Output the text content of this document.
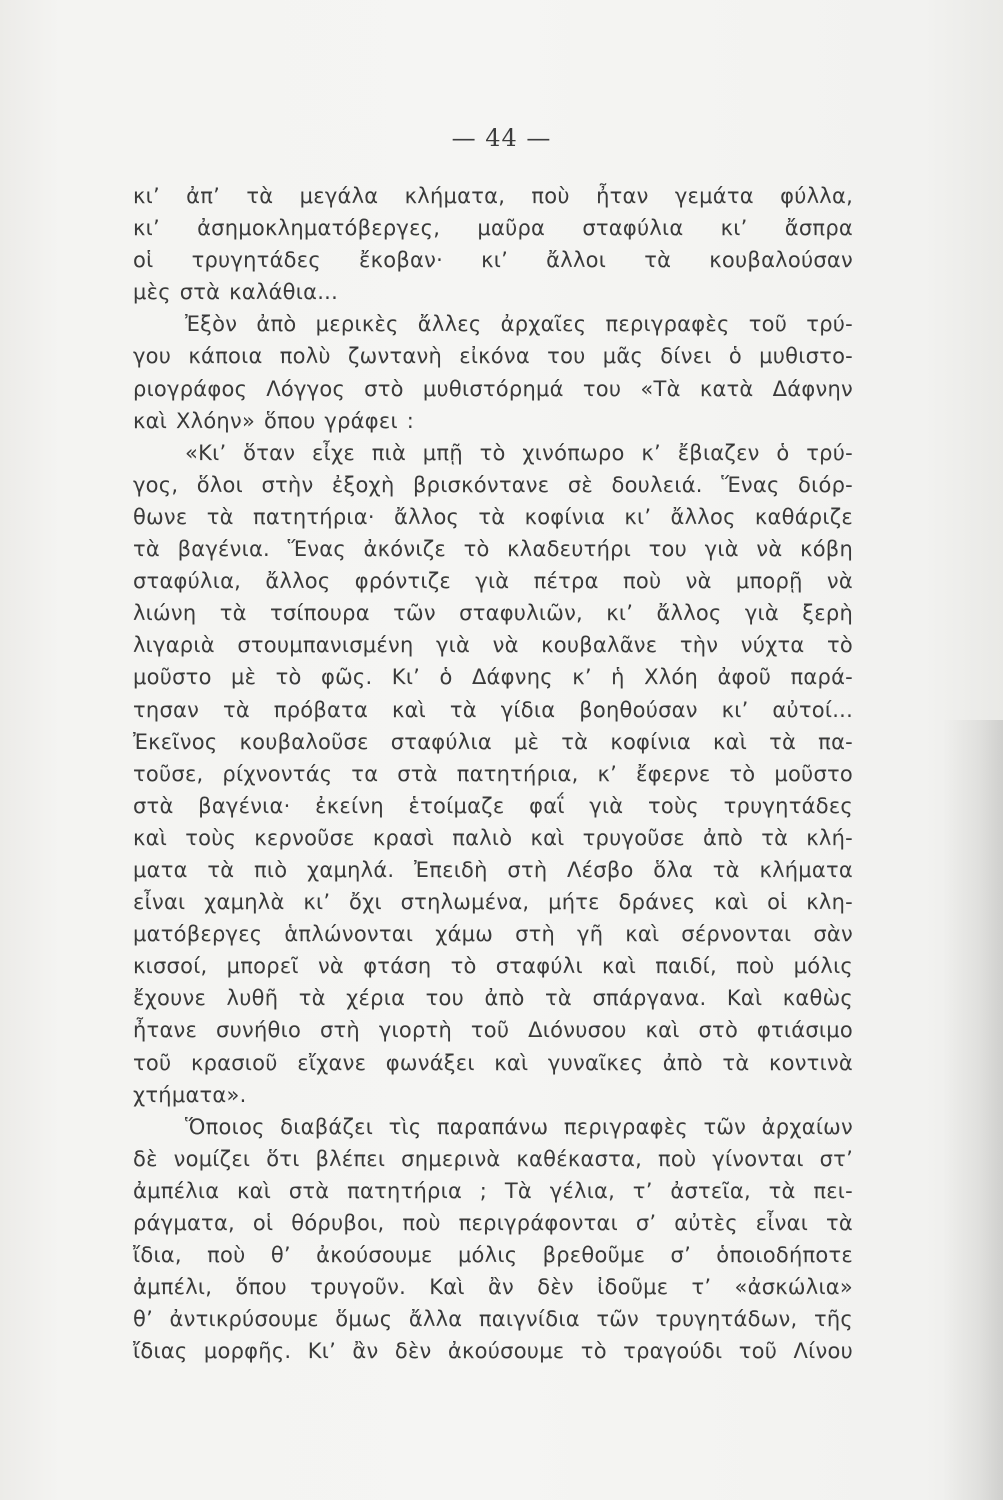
— 44 —
κι’ ἀπ’ τὰ μεγάλα κλήματα, ποὺ ἦταν γεμάτα φύλλα,
κι’ ἀσημοκληματόβεργες, μαῦρα σταφύλια κι’ ἄσπρα
οἱ τρυγητάδες ἔκοβαν· κι’ ἄλλοι τὰ κουβαλούσαν
μὲς στὰ καλάθια...
Ἐξὸν ἀπὸ μερικὲς ἄλλες ἀρχαῖες περιγραφὲς τοῦ τρύ-
γου κάποια πολὺ ζωντανὴ εἰκόνα του μᾶς δίνει ὁ μυθιστο-
ριογράφος Λόγγος στὸ μυθιστόρημά του «Τὰ κατὰ Δάφνην
καὶ Χλόην» ὅπου γράφει :
«Κι’ ὅταν εἶχε πιὰ μπῇ τὸ χινόπωρο κ’ ἔβιαζεν ὁ τρύ-
γος, ὅλοι στὴν ἐξοχὴ βρισκόντανε σὲ δουλειά. Ἕνας διόρ-
θωνε τὰ πατητήρια· ἄλλος τὰ κοφίνια κι’ ἄλλος καθάριζε
τὰ βαγένια. Ἕνας ἀκόνιζε τὸ κλαδευτήρι του γιὰ νὰ κόβη
σταφύλια, ἄλλος φρόντιζε γιὰ πέτρα ποὺ νὰ μπορῇ νὰ
λιώνη τὰ τσίπουρα τῶν σταφυλιῶν, κι’ ἄλλος γιὰ ξερὴ
λιγαριὰ στουμπανισμένη γιὰ νὰ κουβαλᾶνε τὴν νύχτα τὸ
μοῦστο μὲ τὸ φῶς. Κι’ ὁ Δάφνης κ’ ἡ Χλόη ἀφοῦ παρά-
τησαν τὰ πρόβατα καὶ τὰ γίδια βοηθούσαν κι’ αὐτοί...
Ἐκεῖνος κουβαλοῦσε σταφύλια μὲ τὰ κοφίνια καὶ τὰ πα-
τοῦσε, ρίχνοντάς τα στὰ πατητήρια, κ’ ἔφερνε τὸ μοῦστο
στὰ βαγένια· ἐκείνη ἑτοίμαζε φαΐ γιὰ τοὺς τρυγητάδες
καὶ τοὺς κερνοῦσε κρασὶ παλιὸ καὶ τρυγοῦσε ἀπὸ τὰ κλή-
ματα τὰ πιὸ χαμηλά. Ἐπειδὴ στὴ Λέσβο ὅλα τὰ κλήματα
εἶναι χαμηλὰ κι’ ὄχι στηλωμένα, μήτε δράνες καὶ οἱ κλη-
ματόβεργες ἁπλώνονται χάμω στὴ γῆ καὶ σέρνονται σὰν
κισσοί, μπορεῖ νὰ φτάση τὸ σταφύλι καὶ παιδί, ποὺ μόλις
ἔχουνε λυθῆ τὰ χέρια του ἀπὸ τὰ σπάργανα. Καὶ καθὼς
ἦτανε συνήθιο στὴ γιορτὴ τοῦ Διόνυσου καὶ στὸ φτιάσιμο
τοῦ κρασιοῦ εἴχανε φωνάξει καὶ γυναῖκες ἀπὸ τὰ κοντινὰ
χτήματα».
Ὅποιος διαβάζει τὶς παραπάνω περιγραφὲς τῶν ἀρχαίων
δὲ νομίζει ὅτι βλέπει σημερινὰ καθέκαστα, ποὺ γίνονται στ’
ἀμπέλια καὶ στὰ πατητήρια ; Τὰ γέλια, τ’ ἀστεῖα, τὰ πει-
ράγματα, οἱ θόρυβοι, ποὺ περιγράφονται σ’ αὐτὲς εἶναι τὰ
ἴδια, ποὺ θ’ ἀκούσουμε μόλις βρεθοῦμε σ’ ὁποιοδήποτε
ἀμπέλι, ὅπου τρυγοῦν. Καὶ ἂν δὲν ἰδοῦμε τ’ «ἀσκώλια»
θ’ ἀντικρύσουμε ὅμως ἄλλα παιγνίδια τῶν τρυγητάδων, τῆς
ἴδιας μορφῆς. Κι’ ἂν δὲν ἀκούσουμε τὸ τραγούδι τοῦ Λίνου
